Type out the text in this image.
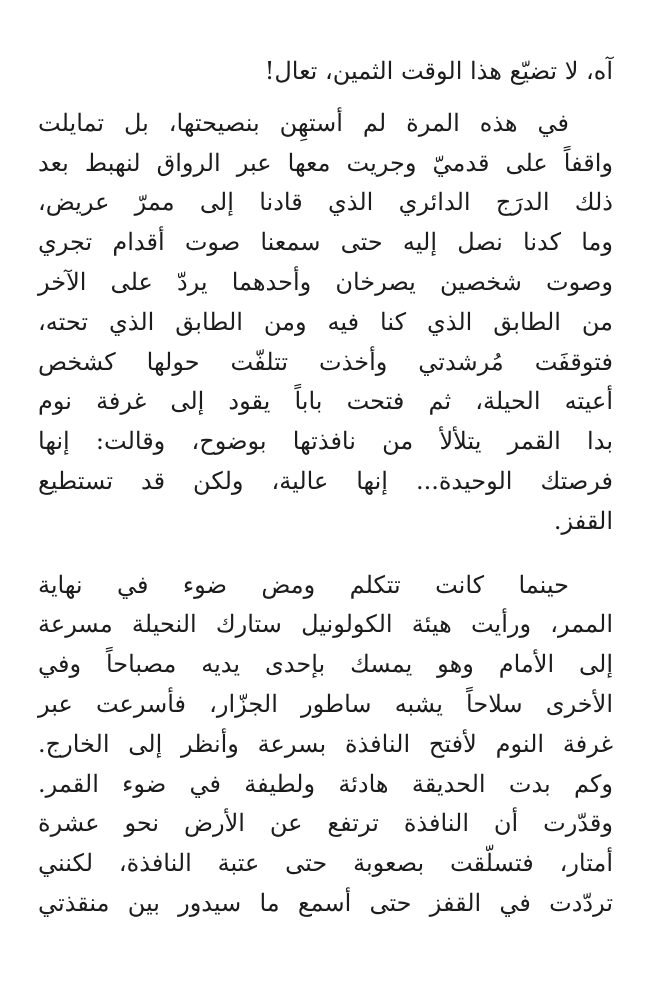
آه، لا تضيّع هذا الوقت الثمين، تعال!

في هذه المرة لم أستهِن بنصيحتها، بل تمايلت
واقفاً على قدميّ وجريت معها عبر الرواق لنهبط بعد
ذلك الدرَج الدائري الذي قادنا إلى ممرّ عريض،
وما كدنا نصل إليه حتى سمعنا صوت أقدام تجري
وصوت شخصين يصرخان وأحدهما يردّ على الآخر
من الطابق الذي كنا فيه ومن الطابق الذي تحته،
فتوقفَت مُرشدتي وأخذت تتلفّت حولها كشخص
أعيته الحيلة، ثم فتحت باباً يقود إلى غرفة نوم
بدا القمر يتلألأ من نافذتها بوضوح، وقالت: إنها
فرصتك الوحيدة... إنها عالية، ولكن قد تستطيع
القفز.

حينما كانت تتكلم ومض ضوء في نهاية
الممر، ورأيت هيئة الكولونيل ستارك النحيلة مسرعة
إلى الأمام وهو يمسك بإحدى يديه مصباحاً وفي
الأخرى سلاحاً يشبه ساطور الجزّار، فأسرعت عبر
غرفة النوم لأفتح النافذة بسرعة وأنظر إلى الخارج.
وكم بدت الحديقة هادئة ولطيفة في ضوء القمر.
وقدّرت أن النافذة ترتفع عن الأرض نحو عشرة
أمتار، فتسلّقت بصعوبة حتى عتبة النافذة، لكنني
تردّدت في القفز حتى أسمع ما سيدور بين منقذتي
